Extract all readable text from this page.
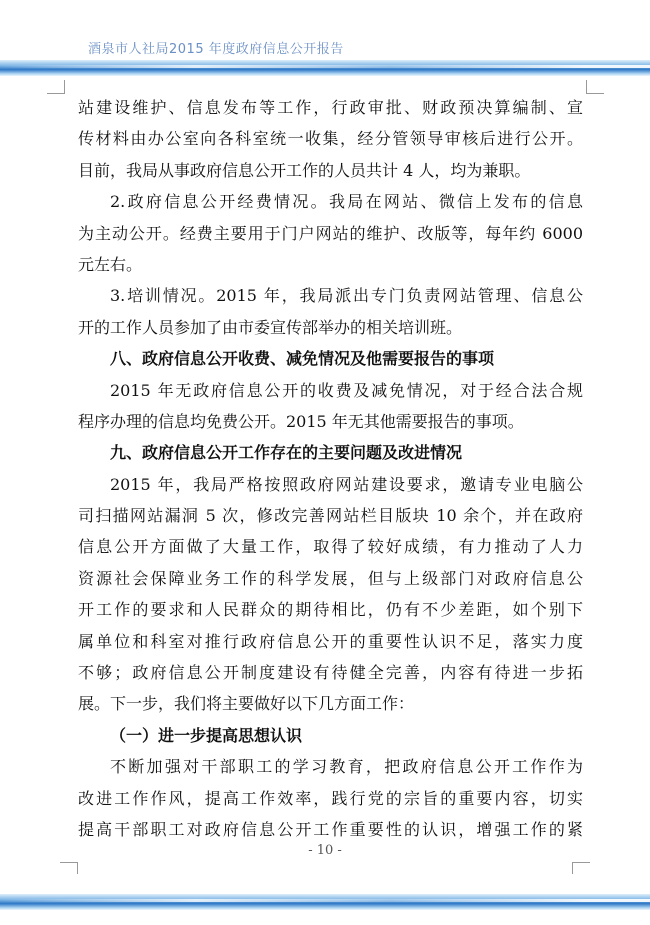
酒泉市人社局2015 年度政府信息公开报告
站建设维护、信息发布等工作，行政审批、财政预决算编制、宣
传材料由办公室向各科室统一收集，经分管领导审核后进行公开。
目前，我局从事政府信息公开工作的人员共计 4 人，均为兼职。
2.政府信息公开经费情况。我局在网站、微信上发布的信息
为主动公开。经费主要用于门户网站的维护、改版等，每年约 6000
元左右。
3.培训情况。2015 年，我局派出专门负责网站管理、信息公
开的工作人员参加了由市委宣传部举办的相关培训班。
八、政府信息公开收费、减免情况及他需要报告的事项
2015 年无政府信息公开的收费及减免情况，对于经合法合规
程序办理的信息均免费公开。2015 年无其他需要报告的事项。
九、政府信息公开工作存在的主要问题及改进情况
2015 年，我局严格按照政府网站建设要求，邀请专业电脑公
司扫描网站漏洞 5 次，修改完善网站栏目版块 10 余个，并在政府
信息公开方面做了大量工作，取得了较好成绩，有力推动了人力
资源社会保障业务工作的科学发展，但与上级部门对政府信息公
开工作的要求和人民群众的期待相比，仍有不少差距，如个别下
属单位和科室对推行政府信息公开的重要性认识不足，落实力度
不够；政府信息公开制度建设有待健全完善，内容有待进一步拓
展。下一步，我们将主要做好以下几方面工作：
（一）进一步提高思想认识
不断加强对干部职工的学习教育，把政府信息公开工作作为
改进工作作风，提高工作效率，践行党的宗旨的重要内容，切实
提高干部职工对政府信息公开工作重要性的认识，增强工作的紧
- 10 -
